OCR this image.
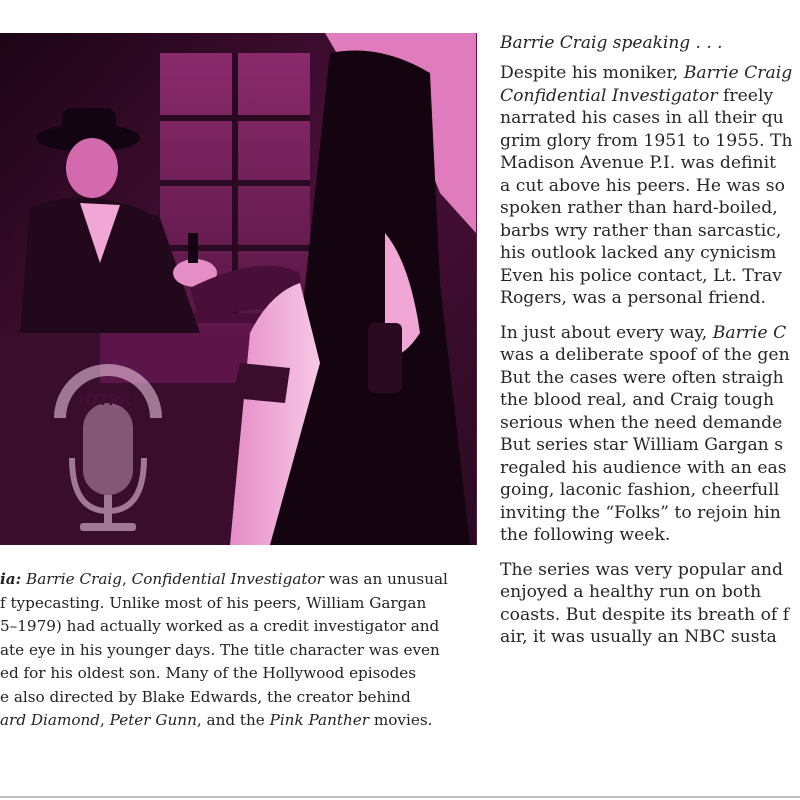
OTRR
ia: Barrie Craig, Confidential Investigator was an unusual
f typecasting. Unlike most of his peers, William Gargan
5–1979) had actually worked as a credit investigator and
ate eye in his younger days. The title character was even
ed for his oldest son. Many of the Hollywood episodes
e also directed by Blake Edwards, the creator behind
ard Diamond, Peter Gunn, and the Pink Panther movies.
Barrie Craig speaking . . .
Despite his moniker, Barrie Craig
Confidential Investigator freely
narrated his cases in all their qu
grim glory from 1951 to 1955. Th
Madison Avenue P.I. was definit
a cut above his peers. He was so
spoken rather than hard-boiled,
barbs wry rather than sarcastic,
his outlook lacked any cynicism
Even his police contact, Lt. Trav
Rogers, was a personal friend.
In just about every way, Barrie C
was a deliberate spoof of the gen
But the cases were often straigh
the blood real, and Craig tough
serious when the need demande
But series star William Gargan s
regaled his audience with an eas
going, laconic fashion, cheerfull
inviting the “Folks” to rejoin hin
the following week.
The series was very popular and
enjoyed a healthy run on both
coasts. But despite its breath of f
air, it was usually an NBC susta
